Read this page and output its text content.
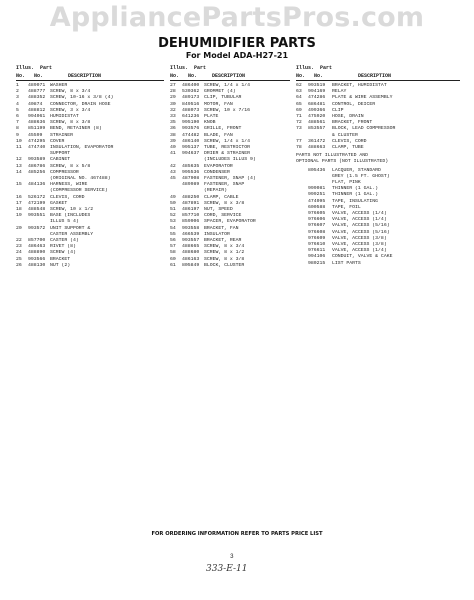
AppliancePartsPros.com
DEHUMIDIFIER PARTS
For Model ADA-H27-21
Illus. Part
No. No.	DESCRIPTION
1	489071 WASHER
2	488777 SCREW, 8 x 3/4
3	488352 SCREW, 10-16 x 3/8 (4)
4	40874	CONNECTOR, DRAIN HOSE
5	488812 SCREW, 3 x 3/4
6	994061 HUMIDISTAT
7	488636 SCREW, 8 x 3/8
8	851199 BEND, RETAINER (8)
9	45599	STRAINER
10	474295 COVER
11	474740 INSULATION, EVAPORATOR
SUPPORT
12	993589 CABINET
13	486786 SCREW, 8 x 5/8
14	485256 COMPRESSOR
(ORIGINAL NO. 467488)
15	484136 HARNESS, WIRE
(COMPRESSOR SERVICE)
16	526172 CLEVIS, CORD
17	472199 GASKET
18	488548 SCREW, 10 x 1/2
19	993551 BASE (INCLUDES
ILLUS 5 4)
20	993572 UNIT SUPPORT &
CASTER ASSEMBLY
22	857700 CASTER (4)
23	486463 RIVET (8)
24	488890 SCREW (4)
25	993566 BRACKET
26	488130 NUT (2)
Illus. Part
No. No.	DESCRIPTION
27	486400 SCREW, 1/4 x 1/4
28	530362 GROMMET (4)
29	489173 CLIP, TUBULAR
30	849516 MOTOR, FAN
32	488073 SCREW, 10 x 7/16
33	641236 PLATE
35	995190 KNOB
36	993576 GRILLE, FRONT
38	474482 BLADE, FAN
39	486140 SCREW, 1/4 x 1/4
40	995137 TUBE, RESTRICTOR
41	994637 DRIER & STRAINER
(INCLUDES ILLUS 9)
42	485635 EVAPORATOR
43	995536 CONDENSER
45	487908 FASTENER, SNAP (4)
489989 FASTENER, SNAP
(REPAIR)
49	488250 CLAMP, CABLE
50	487891 SCREW, 8 x 3/8
51	486197 NUT, SPEED
52	857710 CORD, SERVICE
53	859906 SPACER, EVAPORATOR
54	993558 BRACKET, FAN
55	466539 INSULATOR
56	993557 BRACKET, REAR
57	488665 SCREW, 8 x 3/4
58	488680 SCREW, 8 x 1/2
60	486163 SCREW, 8 x 3/8
61	805849 BLOCK, CLUSTER
Illus. Part
No. No.	DESCRIPTION
62	993519	BRACKET, HUMIDISTAT
63	994169	RELAY
64	474286	PLATE & WIRE ASSEMBLY
65	686481	CONTROL, DEICER
69	499366	CLIP
71	475920	HOSE, DRAIN
72	488561	BRACKET, FRONT
73	853557	BLOCK, LEAD COMPRESSOR
& CLUSTER
77	361472	CLEVIS, CORD
78	488663	CLAMP, TUBE
PARTS NOT ILLUSTRATED AND
OPTIONAL PARTS (NOT ILLUSTRATED)
805436	LACQUER, STANDARD
GREY (1.5 FT. GHOST)
FLAT, PINK
999081	THINNER (1 GAL.)
999251	THINNER (1 GAL.)
474095	TAPE, INSULATING
600588	TAPE, FOIL
976605	VALVE, ACCESS (1/4)
976606	VALVE, ACCESS (1/4)
976607	VALVE, ACCESS (5/16)
976608	VALVE, ACCESS (5/16)
976609	VALVE, ACCESS (3/8)
976610	VALVE, ACCESS (3/8)
976611	VALVE, ACCESS (1/4)
994106	CONDUIT, VALVE & CAKE
980215	LIST PARTS
FOR ORDERING INFORMATION REFER TO PARTS PRICE LIST
3
333-E-11
